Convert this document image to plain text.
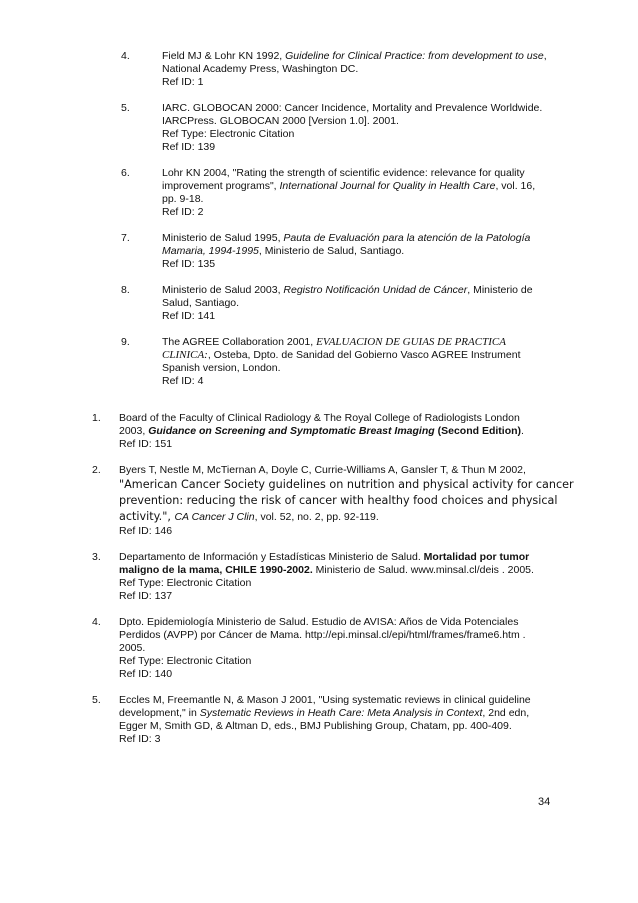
4.	Field MJ & Lohr KN 1992, Guideline for Clinical Practice: from development to use,
National Academy Press, Washington DC.
Ref ID: 1
5.	IARC. GLOBOCAN 2000: Cancer Incidence, Mortality and Prevalence Worldwide.
IARCPress. GLOBOCAN 2000 [Version 1.0]. 2001.
Ref Type: Electronic Citation
Ref ID: 139
6.	Lohr KN 2004, "Rating the strength of scientific evidence: relevance for quality
improvement programs", International Journal for Quality in Health Care, vol. 16,
pp. 9-18.
Ref ID: 2
7.	Ministerio de Salud 1995, Pauta de Evaluación para la atención de la Patología
Mamaria, 1994-1995, Ministerio de Salud, Santiago.
Ref ID: 135
8.	Ministerio de Salud 2003, Registro Notificación Unidad de Cáncer, Ministerio de
Salud, Santiago.
Ref ID: 141
9.	The AGREE Collaboration 2001, EVALUACION DE GUIAS DE PRACTICA
CLINICA:, Osteba, Dpto. de Sanidad del Gobierno Vasco AGREE Instrument
Spanish version, London.
Ref ID: 4
1. Board of the Faculty of Clinical Radiology & The Royal College of Radiologists London
2003, Guidance on Screening and Symptomatic Breast Imaging (Second Edition).
Ref ID: 151
2. Byers T, Nestle M, McTiernan A, Doyle C, Currie-Williams A, Gansler T, & Thun M 2002,
"American Cancer Society guidelines on nutrition and physical activity for cancer
prevention: reducing the risk of cancer with healthy food choices and physical
activity.", CA Cancer J Clin, vol. 52, no. 2, pp. 92-119.
Ref ID: 146
3. Departamento de Información y Estadísticas Ministerio de Salud. Mortalidad por tumor
maligno de la mama, CHILE 1990-2002. Ministerio de Salud. www.minsal.cl/deis . 2005.
Ref Type: Electronic Citation
Ref ID: 137
4. Dpto. Epidemiología Ministerio de Salud. Estudio de AVISA: Años de Vida Potenciales
Perdidos (AVPP) por Cáncer de Mama. http://epi.minsal.cl/epi/html/frames/frame6.htm .
2005.
Ref Type: Electronic Citation
Ref ID: 140
5. Eccles M, Freemantle N, & Mason J 2001, "Using systematic reviews in clinical guideline
development," in Systematic Reviews in Heath Care: Meta Analysis in Context, 2nd edn,
Egger M, Smith GD, & Altman D, eds., BMJ Publishing Group, Chatam, pp. 400-409.
Ref ID: 3
34
